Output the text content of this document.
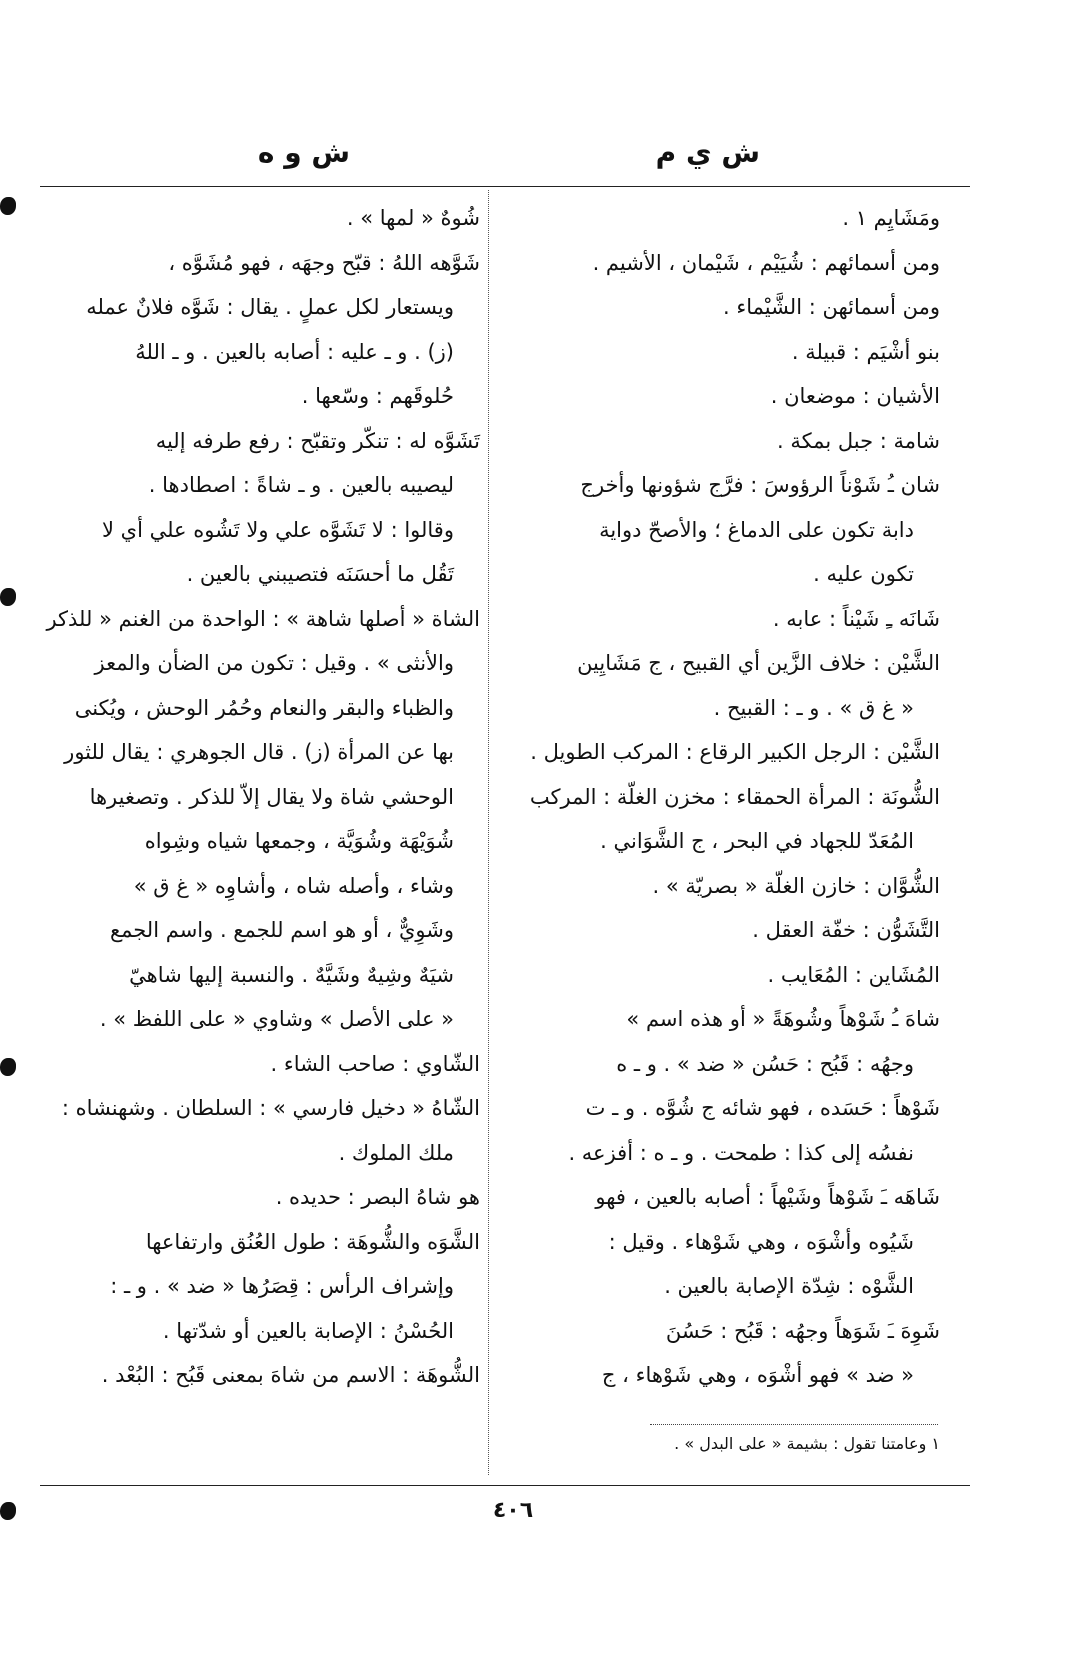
ش ي م
ش و ه

ومَشَايِم ١ .

ومن أسمائهم : شُيَيْم ، شَيْمان ، الأشيم .

ومن أسمائهن : الشَّيْماء .

بنو أشْيَم : قبيلة .

الأشيان : موضعان .

شامة : جبل بمكة .

شان ـُ شَوْناً الرؤوسَ : فرَّج شؤونها وأخرج

دابة تكون على الدماغ ؛ والأصحّ دواية

تكون عليه .

شَانَه ـِ شَيْناً : عابه .

الشَّيْن : خلاف الزَّين أي القبيح ، ج مَشَايِين

« غ ق » . و ـ : القبيح .

الشَّيْن : الرجل الكبير الرقاع : المركب الطويل .

الشُّونَة : المرأة الحمقاء : مخزن الغلّة : المركب

المُعَدّ للجهاد في البحر ، ج الشَّوَاني .

الشُّوَّان : خازن الغلّة « بصريّة » .

التَّشَوُّن : خفّة العقل .

المُشَاين : المُعَايب .

شاهَ ـُ شَوْهاً وشُوهَةً « أو هذه اسم »

وجهُه : قَبُح : حَسُن « ضد » . و ـ ه

شَوْهاً : حَسَده ، فهو شائه ج شُوَّه . و ـ ت

نفسُه إلى كذا : طمحت . و ـ ه : أفزعه .

شَاهَه ـَ شَوْهاً وشَيْهاً : أصابه بالعين ، فهو

شَيُوه وأشْوَه ، وهي شَوْهاء . وقيل :

الشَّوْه : شِدّة الإصابة بالعين .

شَوِهَ ـَ شَوَهاً وجهُه : قَبُح : حَسُنَ

« ضد » فهو أشْوَه ، وهي شَوْهاء ، ج

١ وعامتنا تقول : بشيمة « على البدل » .

شُوهٌ « لمها » .

شَوَّهه اللهُ : قبّح وجهَه ، فهو مُشَوَّه ،

ويستعار لكل عملٍ . يقال : شَوَّه فلانٌ عمله

(ز) . و ـ عليه : أصابه بالعين . و ـ اللهُ

حُلوقَهم : وسّعها .

تَشَوَّه له : تنكّر وتقبّح : رفع طرفه إليه

ليصيبه بالعين . و ـ شاةً : اصطادها .

وقالوا : لا تَشَوَّه علي ولا تَشُوه علي أي لا

تَقُل ما أحسَنَه فتصيبني بالعين .

الشاة « أصلها شاهة » : الواحدة من الغنم « للذكر

والأنثى » . وقيل : تكون من الضأن والمعز

والظباء والبقر والنعام وحُمُر الوحش ، ويُكنى

بها عن المرأة (ز) . قال الجوهري : يقال للثور

الوحشي شاة ولا يقال إلاّ للذكر . وتصغيرها

شُوَيْهَة وشُوَيَّة ، وجمعها شياه وشِواه

وشاء ، وأصله شاه ، وأشاوِه « غ ق »

وشَوِيٌّ ، أو هو اسم للجمع . واسم الجمع

شيَهٌ وشِيهٌ وشَيَّهٌ . والنسبة إليها شاهيّ

« على الأصل » وشاوي « على اللفظ » .

الشّاوي : صاحب الشاء .

الشّاهُ « دخيل فارسي » : السلطان . وشهنشاه :

ملك الملوك .

هو شاهُ البصر : حديده .

الشَّوَه والشُّوهَة : طول العُنُق وارتفاعها

وإشراف الرأس : قِصَرُها « ضد » . و ـ :

الحُسْنُ : الإصابة بالعين أو شدّتها .

الشُّوهَة : الاسم من شاهَ بمعنى قَبُح : البُعْد .

٤٠٦
